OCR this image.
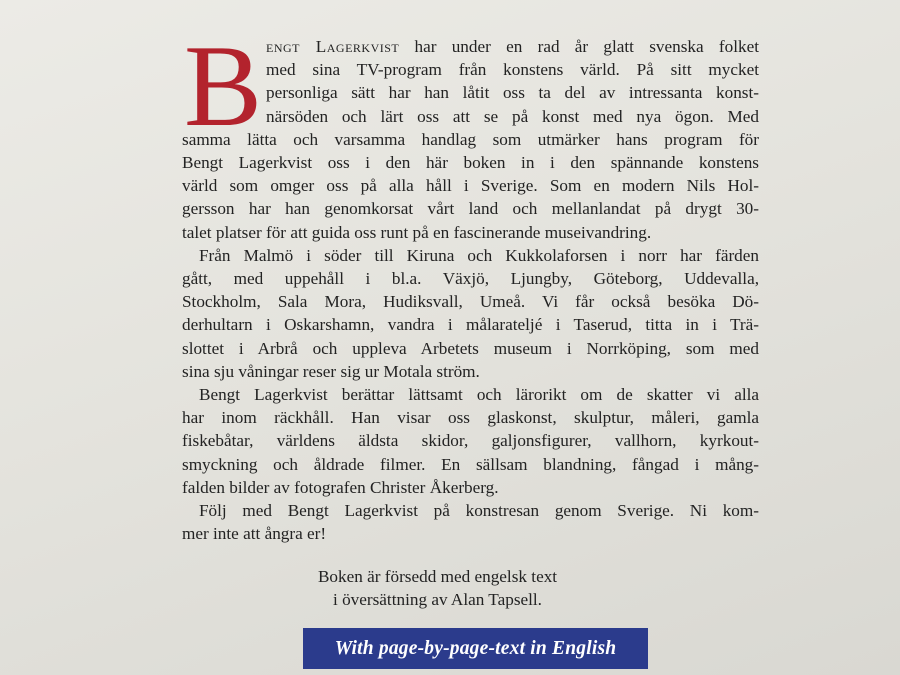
B engt Lagerkvist har under en rad år glatt svenska folket
med sina TV-program från konstens värld. På sitt mycket
personliga sätt har han låtit oss ta del av intressanta konst-
närsöden och lärt oss att se på konst med nya ögon. Med
samma lätta och varsamma handlag som utmärker hans program för
Bengt Lagerkvist oss i den här boken in i den spännande konstens
värld som omger oss på alla håll i Sverige. Som en modern Nils Hol-
gersson har han genomkorsat vårt land och mellanlandat på drygt 30-
talet platser för att guida oss runt på en fascinerande museivandring.
Från Malmö i söder till Kiruna och Kukkolaforsen i norr har färden
gått, med uppehåll i bl.a. Växjö, Ljungby, Göteborg, Uddevalla,
Stockholm, Sala Mora, Hudiksvall, Umeå. Vi får också besöka Dö-
derhultarn i Oskarshamn, vandra i målarateljé i Taserud, titta in i Trä-
slottet i Arbrå och uppleva Arbetets museum i Norrköping, som med
sina sju våningar reser sig ur Motala ström.
Bengt Lagerkvist berättar lättsamt och lärorikt om de skatter vi alla
har inom räckhåll. Han visar oss glaskonst, skulptur, måleri, gamla
fiskebåtar, världens äldsta skidor, galjonsfigurer, vallhorn, kyrkout-
smyckning och åldrade filmer. En sällsam blandning, fångad i mång-
falden bilder av fotografen Christer Åkerberg.
Följ med Bengt Lagerkvist på konstresan genom Sverige. Ni kom-
mer inte att ångra er!
Boken är försedd med engelsk text
i översättning av Alan Tapsell.
With page-by-page-text in English
